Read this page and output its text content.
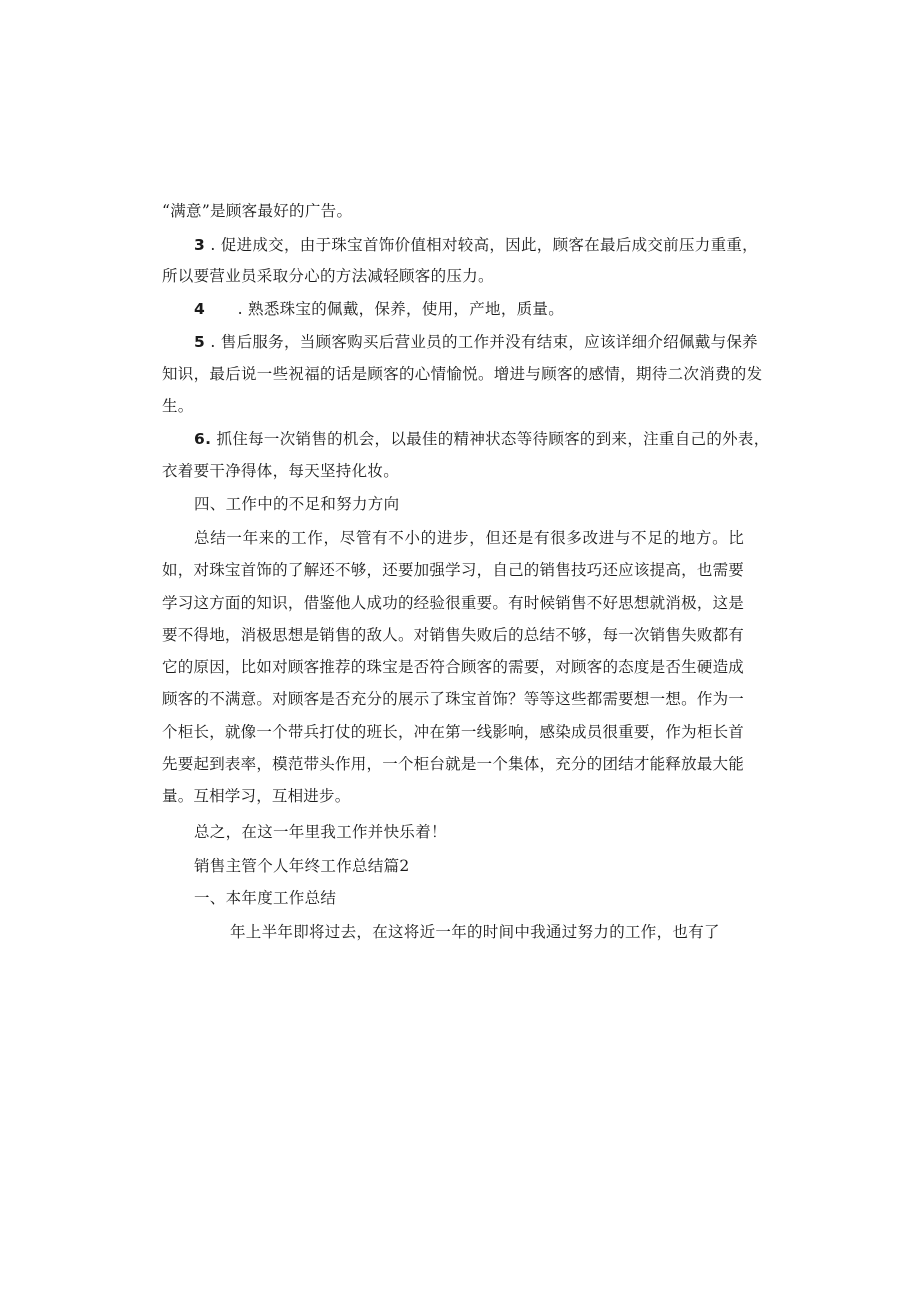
“满意”是顾客最好的广告。
3 . 促进成交，由于珠宝首饰价值相对较高，因此，顾客在最后成交前压力重重，
所以要营业员采取分心的方法减轻顾客的压力。
4 . 熟悉珠宝的佩戴，保养，使用，产地，质量。
5 . 售后服务，当顾客购买后营业员的工作并没有结束，应该详细介绍佩戴与保养
知识，最后说一些祝福的话是顾客的心情愉悦。增进与顾客的感情，期待二次消费的发
生。
6. 抓住每一次销售的机会，以最佳的精神状态等待顾客的到来，注重自己的外表，
衣着要干净得体，每天坚持化妆。
四、工作中的不足和努力方向
总结一年来的工作，尽管有不小的进步，但还是有很多改进与不足的地方。比如，对珠宝首饰的了解还不够，还要加强学习，自己的销售技巧还应该提高，也需要学习这方面的知识，借鉴他人成功的经验很重要。有时候销售不好思想就消极，这是要不得地，消极思想是销售的敌人。对销售失败后的总结不够，每一次销售失败都有它的原因，比如对顾客推荐的珠宝是否符合顾客的需要，对顾客的态度是否生硬造成顾客的不满意。对顾客是否充分的展示了珠宝首饰？等等这些都需要想一想。作为一个柜长，就像一个带兵打仗的班长，冲在第一线影响，感染成员很重要，作为柜长首先要起到表率，模范带头作用，一个柜台就是一个集体，充分的团结才能释放最大能量。互相学习，互相进步。
总之，在这一年里我工作并快乐着！
销售主管个人年终工作总结篇2
一、本年度工作总结
年上半年即将过去，在这将近一年的时间中我通过努力的工作，也有了
